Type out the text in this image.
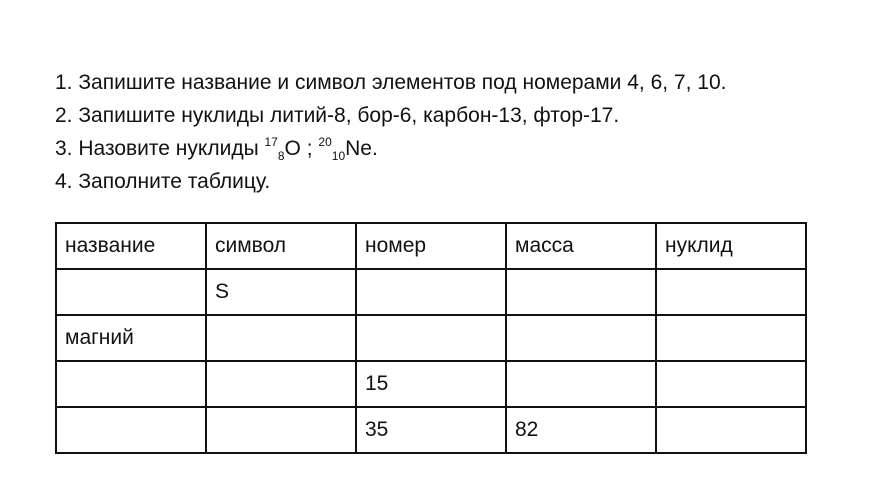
1. Запишите название и символ элементов под номерами 4, 6, 7, 10.
2. Запишите нуклиды литий-8, бор-6, карбон-13, фтор-17.
3. Назовите нуклиды $^{17}_8$O ; $^{20}_{10}$Ne.
4. Заполните таблицу.
название	символ	номер	масса	нуклид
	S			
магний				
		15		
		35	82	
